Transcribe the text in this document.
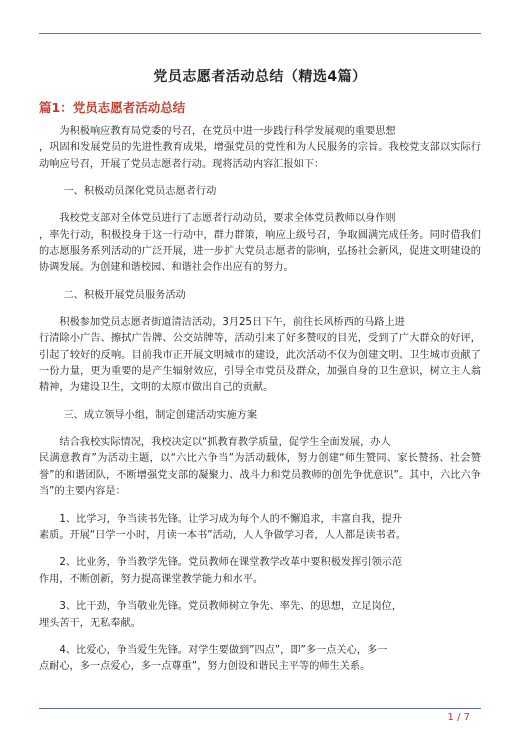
党员志愿者活动总结（精选4篇）
篇1：党员志愿者活动总结

为积极响应教育局党委的号召，在党员中进一步践行科学发展观的重要思想
，巩固和发展党员的先进性教育成果，增强党员的党性和为人民服务的宗旨。我校党支部以实际行动响应号召，开展了党员志愿者行动。现将活动内容汇报如下：

一、积极动员深化党员志愿者行动

我校党支部对全体党员进行了志愿者行动动员，要求全体党员教师以身作则
，率先行动，积极投身于这一行动中，群力群策，响应上级号召，争取圆满完成任务。同时借我们的志愿服务系列活动的广泛开展，进一步扩大党员志愿者的影响，弘扬社会新风，促进文明建设的协调发展。为创建和谐校园、和谐社会作出应有的努力。

二、积极开展党员服务活动

积极参加党员志愿者街道清洁活动，3月25日下午，前往长风桥西的马路上进
行清除小广告、擦拭广告牌、公交站牌等，活动引来了好多赞叹的目光，受到了广大群众的好评，引起了较好的反响。目前我市正开展文明城市的建设，此次活动不仅为创建文明、卫生城市贡献了一份力量，更为重要的是产生辐射效应，引导全市党员及群众，加强自身的卫生意识，树立主人翁精神，为建设卫生，文明的太原市做出自己的贡献。

三、成立领导小组，制定创建活动实施方案

结合我校实际情况，我校决定以“抓教育教学质量，促学生全面发展，办人
民满意教育”为活动主题，以“六比六争当”为活动载体，努力创建“师生赞同、家长赞扬、社会赞誉”的和谐团队，不断增强党支部的凝聚力、战斗力和党员教师的创先争优意识”。其中，六比六争当”的主要内容是：

1、比学习，争当读书先锋。让学习成为每个人的不懈追求，丰富自我，提升
素质。开展“日学一小时，月读一本书”活动，人人争做学习者，人人都是读书者。

2、比业务，争当教学先锋。党员教师在课堂教学改革中要积极发挥引领示范
作用，不断创新，努力提高课堂教学能力和水平。

3、比干劲，争当敬业先锋。党员教师树立争先、率先、的思想，立足岗位，
埋头苦干，无私奉献。

4、比爱心，争当爱生先锋。对学生要做到”四点”，即”多一点关心，多一
点耐心，多一点爱心，多一点尊重”，努力创设和谐民主平等的师生关系。

1 / 7
